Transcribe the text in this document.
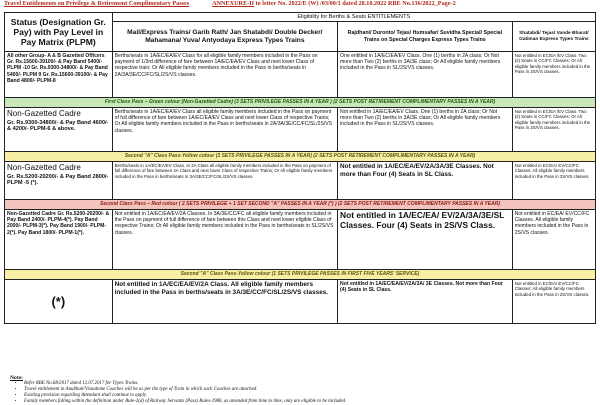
Travel Entitlements on Privilege & Retirement Complimentary Passes	ANNEXURE-II to letter No. 2022/E (W) /03/00/1 dated 28.10.2022 RBE No.136/2022_Page-2
Status (Designation Gr. Pay) with Pay Level in Pay Matrix (PLPM)	Eligibility for Berths & Seats ENTITLEMENTS		
	Mail/Express Trains/ Garib Rath/ Jan Shatabdi/ Double Decker/ Mahamana/ Yuva/ Antyodaya Express Types Trains	Rajdhani/ Duronto/ Tejas/ Humsafar/ Suvidha Special/ Special Trains on Special Charges Express Types Trains	Shatabdi/ Tejas/ Vande Bharat/ Gatiman Express Types Trains
All other Group- A & B Gazetted Officers Gr. Rs.15600-39100/- & Pay Band 5400/- PLPM -10 Gr. Rs.9300-34800/- & Pay Band 5400/- PLPM 9 Gr. Rs.15600-39100/- & Pay Band 4800/- PLPM-8	Berths/seats in 1A/EC/EA/EV Class for all eligible family members included in the Pass on payment of 1/3rd difference of fare between 1A/EC/EA/EV Class and next lower Class of respective train; Or All eligible family members included in the Pass in berths/seats in 2A/3A/3E/CC/FC/SL/2S/VS classes.	One entitled in 1A/EC/EA/EV Class. One (1) berths in 2A class; Or Not more than Two (2) berths in 3A/3E class; Or All eligible family members included in the Pass in SL/2S/VS classes.	Not entitled in EC/EA /EV Class. Two (2) Seats in CC/FC Classes; Or All eligible family members included in the Pass in 2S/VS classes.
First Class Pass – Green colour (Non-Gazetted Cadre) (3 SETS PRIVILEGE PASSES IN A YEAR ) (2 SETS POST RETIREMENT COMPLIMENTARY PASSES IN A YEAR)			

Non-Gazetted Cadre
Gr. Rs.9300-34800/- & Pay Band 4600/- & 4200/- PLPM-6 & above.	Berths/seats in 1A/EC/EA/EV Class all eligible family members included in the Pass on payment of full difference of fare between 1A/EC/EA/EV Class and next lower Class of respective Trains; Or All eligible family members included in the Pass in berths/seats in 2A/3A/3E/CC/FC/SL/2S/VS classes.	Not entitled in 1A/EC/EA/EV Class. One (1) berths in 2A class; Or Not more than Two (2) berths in 3A/3E class; Or All eligible family members included in the Pass in SL/2S/VS classes.	Not entitled in EC/EA /EV Class. Two (2) Seats in CC/FC Classes; Or All eligible family members included in the Pass in 2S/VS classes.
Second "A" Class Pass-Yellow colour (3 SETS PRIVILEGE PASSES IN A YEAR) (2 SETS POST RETIREMENT COMPLIMENTARY PASSES IN A YEAR)			

Non-Gazetted Cadre
Gr. Rs.5200-20200/- & Pay Band 2800/- PLPM -5 (*).	Berths/seats in 1A/EC/EA/EV Class. In 2A Class all eligible family members included in the Pass on payment of full difference of fare between 2A Class and next lower Class of respective Trains; Or All eligible family members included in the Pass in berths/seats in 3A/3E/CC/FC/SL/2S/VS classes.	Not entitled in 1A/EC/EA/EV/2A/3A/3E Classes. Not more than Four (4) Seats in SL Class.	Not entitled in EC/EA/ EV/CC/FC Classes; All eligible family members included in the Pass in 2S/VS classes.
Second Class Pass – Red colour ( 2 SETS PRIVILEGE + 1 SET SECOND "A" PASSES IN A YEAR (*) ) (2 SETS POST RETIREMENT COMPLIMENTARY PASSES IN A YEAR)			
Non-Gazetted Cadre Gr. Rs.5200-20200/- & Pay Band 2400/- PLPM-4(*). Pay Band 2000/- PLPM-3(*). Pay Band 1900/- PLPM-2(*). Pay Band 1800/- PLPM-1(*).	Not entitled in 1A/EC/EA/EV/2A Classes. In 3A/3E/CC/FC all eligible family members included in the Pass on payment of full difference of fare between this Class and next lower eligible Class of respective Trains; Or All eligible family members included in the Pass in berths/seats in SL/2S/VS classes.	Not entitled in 1A/EC/EA/ EV/2A/3A/3E/SL Classes. Four (4) Seats in 2S/VS Class.	Not entitled in EC/EA/ EV/CC/FC Classes. All eligible family members included in the Pass in 2S/VS classes.
Second "A" Class Pass-Yellow colour (1 SETS PRIVILEGE PASSES IN FIRST FIVE YEARS' SERVICE)			
(*)	Not entitled in 1A/EC/EA/EV/2A Class. All eligible family members included in the Pass in berths/seats in 3A/3E/CC/FC/SL/2S/VS classes.	Not entitled in 1A/EC/EA/EV/2A/3A/ 3E Classes. Not more than Four (4) Seats in SL Class.	Not entitled in EC/EA/ EV/CC/FC Classes; All eligible family members included in the Pass in 2S/VS classes.
Note:
• Refer RBE No.68/2017 dated 12.07.2017 for Types Trains.
• Travel entitlement in Anubhuti/Vistadome Coaches will be as per the type of Train in which such Coaches are attached.
• Existing provision regarding Attendant shall continue to apply.
• Family members falling within the definition under Rule-2(d) of Railway Servants (Pass) Rules-1986, as amended from time to time, only are eligible to be included.
